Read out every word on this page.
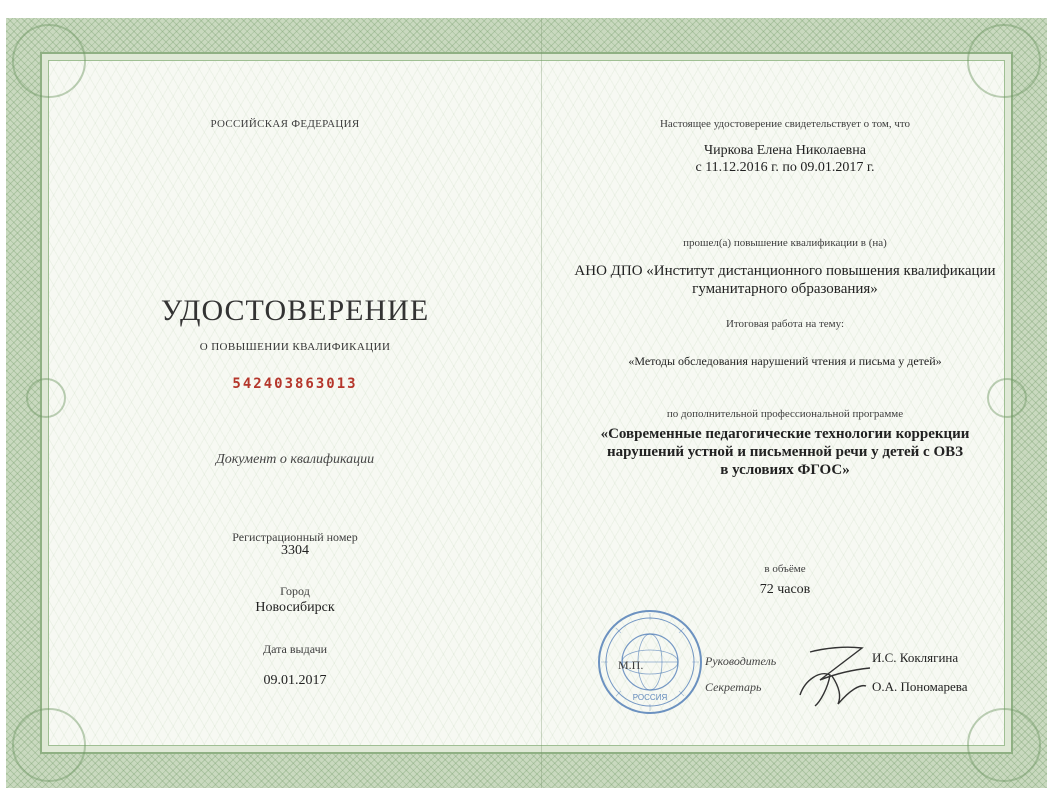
РОССИЙСКАЯ ФЕДЕРАЦИЯ
УДОСТОВЕРЕНИЕ
О ПОВЫШЕНИИ КВАЛИФИКАЦИИ
542403863013
Документ о квалификации
Регистрационный номер
3304
Город
Новосибирск
Дата выдачи
09.01.2017
Настоящее удостоверение свидетельствует о том, что
Чиркова Елена Николаевна
с 11.12.2016 г. по 09.01.2017 г.
прошел(а) повышение квалификации в (на)
АНО ДПО «Институт дистанционного повышения квалификации
гуманитарного образования»
Итоговая работа на тему:
«Методы обследования нарушений чтения и письма у детей»
по дополнительной профессиональной программе
«Современные педагогические технологии коррекции
нарушений устной и письменной речи у детей с ОВЗ
в условиях ФГОС»
в объёме
72 часов
РОССИЯ
М.П.	Руководитель
Секретарь
И.С. Коклягина
О.А. Пономарева
